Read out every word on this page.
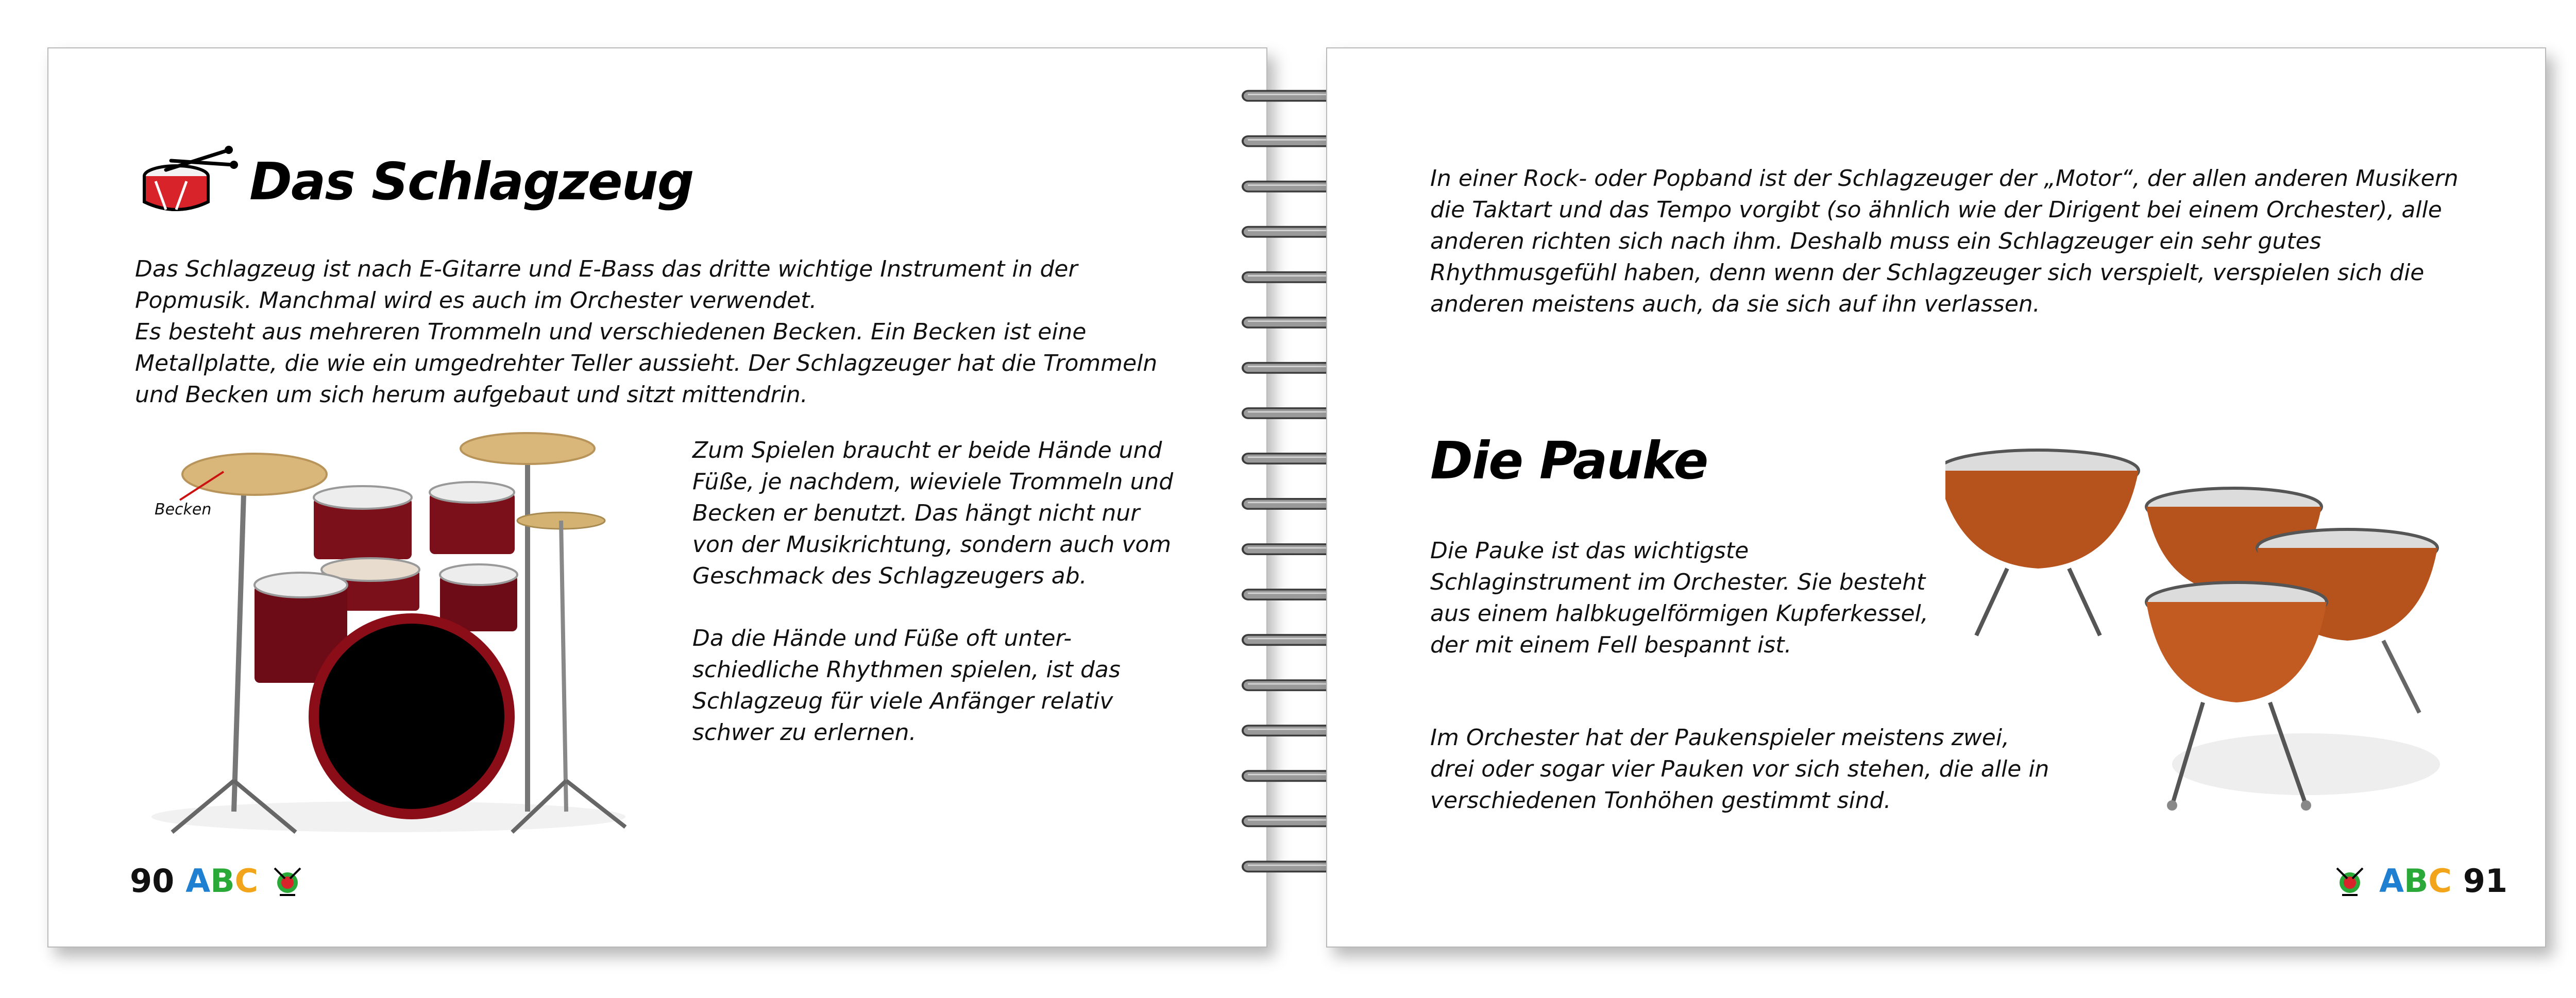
Das Schlagzeug
Das Schlagzeug ist nach E-Gitarre und E-Bass das dritte wichtige Instrument in der
Popmusik. Manchmal wird es auch im Orchester verwendet.
Es besteht aus mehreren Trommeln und verschiedenen Becken. Ein Becken ist eine
Metallplatte, die wie ein umgedrehter Teller aussieht. Der Schlagzeuger hat die Trommeln
und Becken um sich herum aufgebaut und sitzt mittendrin.
Becken
Zum Spielen braucht er beide Hände und
Füße, je nachdem, wieviele Trommeln und
Becken er benutzt. Das hängt nicht nur
von der Musikrichtung, sondern auch vom
Geschmack des Schlagzeugers ab.
Da die Hände und Füße oft unter-
schiedliche Rhythmen spielen, ist das
Schlagzeug für viele Anfänger relativ
schwer zu erlernen.
90 A B C
In einer Rock- oder Popband ist der Schlagzeuger der „Motor“, der allen anderen Musikern
die Taktart und das Tempo vorgibt (so ähnlich wie der Dirigent bei einem Orchester), alle
anderen richten sich nach ihm. Deshalb muss ein Schlagzeuger ein sehr gutes
Rhythmusgefühl haben, denn wenn der Schlagzeuger sich verspielt, verspielen sich die
anderen meistens auch, da sie sich auf ihn verlassen.
Die Pauke
Die Pauke ist das wichtigste
Schlaginstrument im Orchester. Sie besteht
aus einem halbkugelförmigen Kupferkessel,
der mit einem Fell bespannt ist.
Im Orchester hat der Paukenspieler meistens zwei,
drei oder sogar vier Pauken vor sich stehen, die alle in
verschiedenen Tonhöhen gestimmt sind.
A B C 91
